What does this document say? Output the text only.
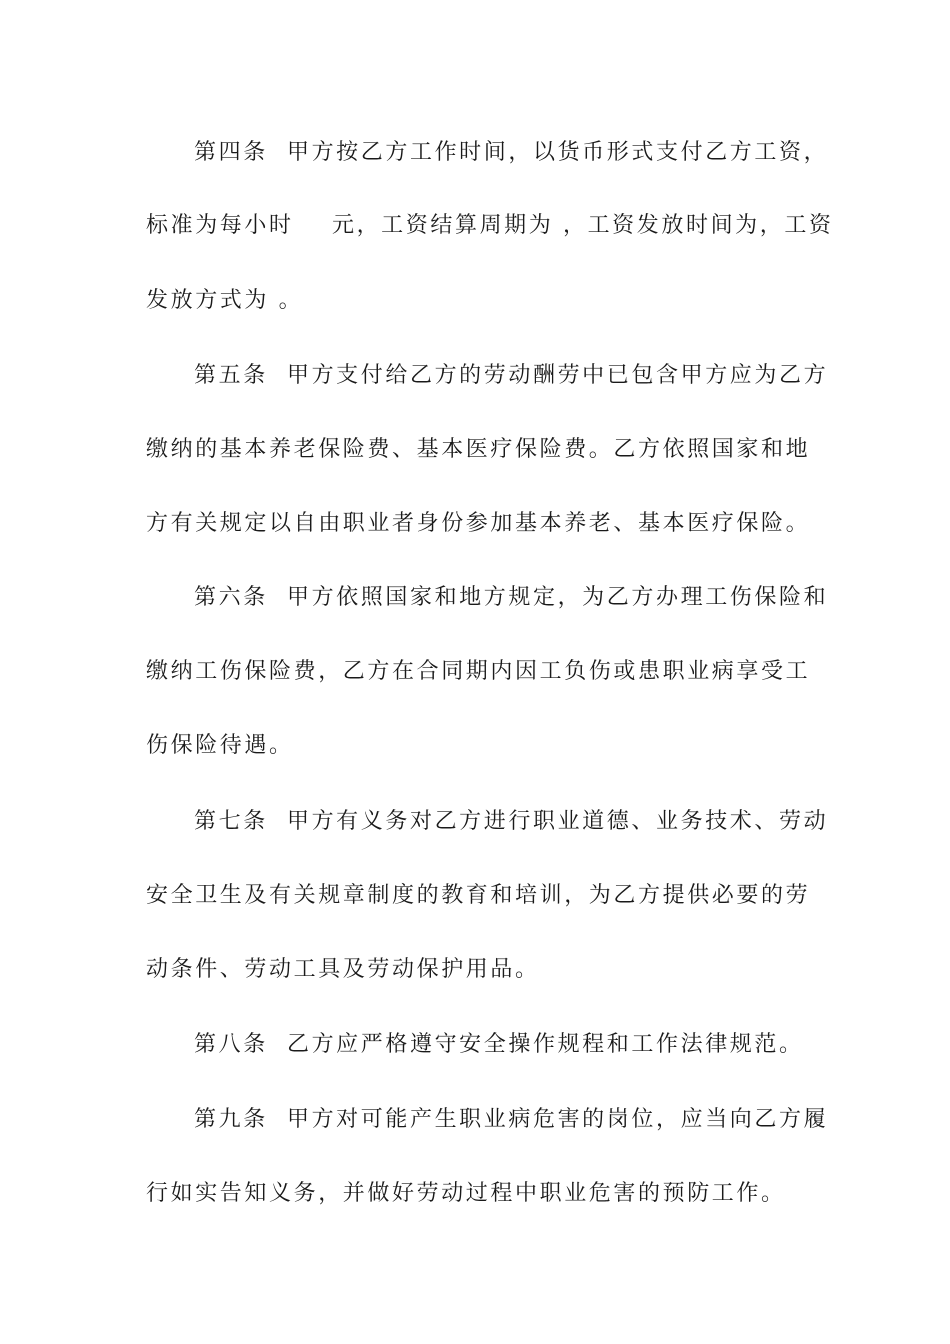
第四条  甲方按乙方工作时间，以货币形式支付乙方工资，
标准为每小时    元，工资结算周期为 ，工资发放时间为，工资
发放方式为 。
第五条  甲方支付给乙方的劳动酬劳中已包含甲方应为乙方
缴纳的基本养老保险费、基本医疗保险费。乙方依照国家和地
方有关规定以自由职业者身份参加基本养老、基本医疗保险。
第六条  甲方依照国家和地方规定，为乙方办理工伤保险和
缴纳工伤保险费，乙方在合同期内因工负伤或患职业病享受工
伤保险待遇。
第七条  甲方有义务对乙方进行职业道德、业务技术、劳动
安全卫生及有关规章制度的教育和培训，为乙方提供必要的劳
动条件、劳动工具及劳动保护用品。
第八条  乙方应严格遵守安全操作规程和工作法律规范。
第九条  甲方对可能产生职业病危害的岗位，应当向乙方履
行如实告知义务，并做好劳动过程中职业危害的预防工作。
